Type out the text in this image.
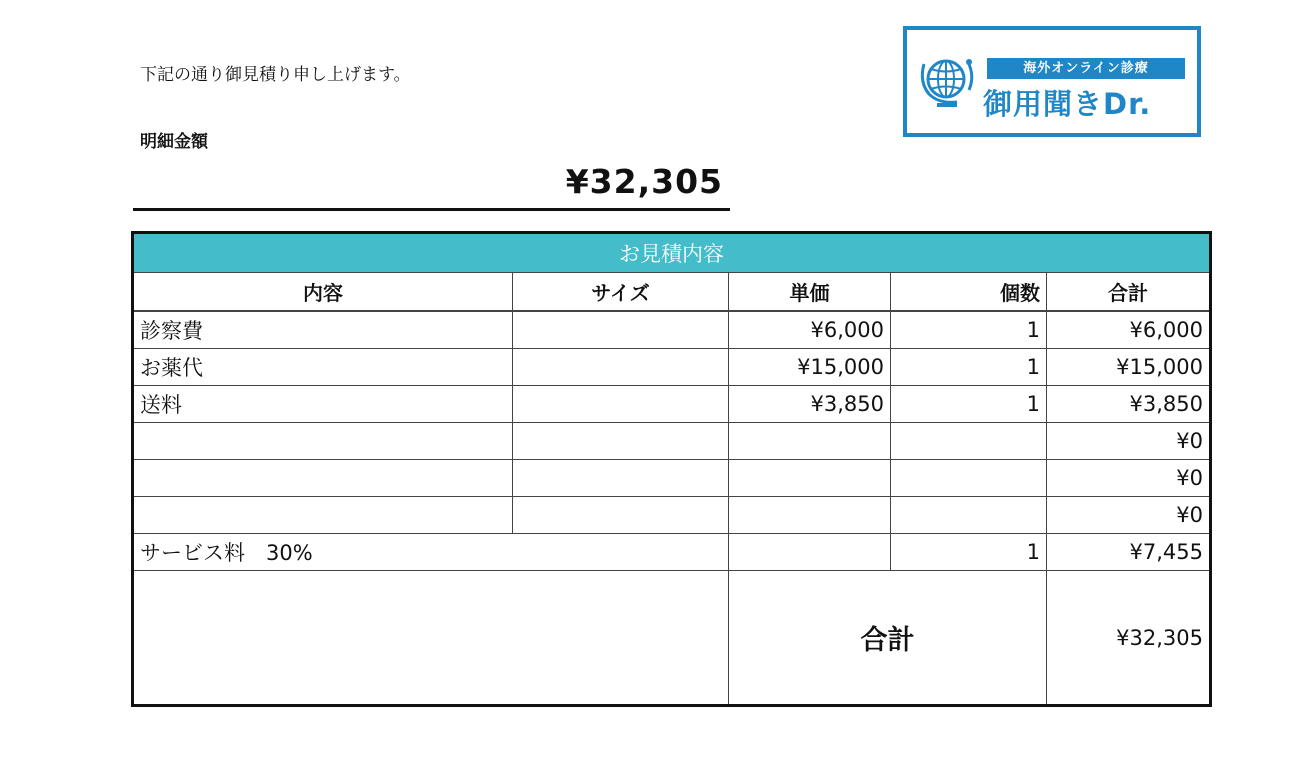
下記の通り御見積り申し上げます。
明細金額
¥32,305
海外オンライン診療
御用聞きDr.
お見積内容				
内容	サイズ	単価	個数	合計
診察費		¥6,000	1	¥6,000
お薬代		¥15,000	1	¥15,000
送料		¥3,850	1	¥3,850
				¥0
				¥0
				¥0
サービス料　30%			1	¥7,455
		合計		¥32,305
